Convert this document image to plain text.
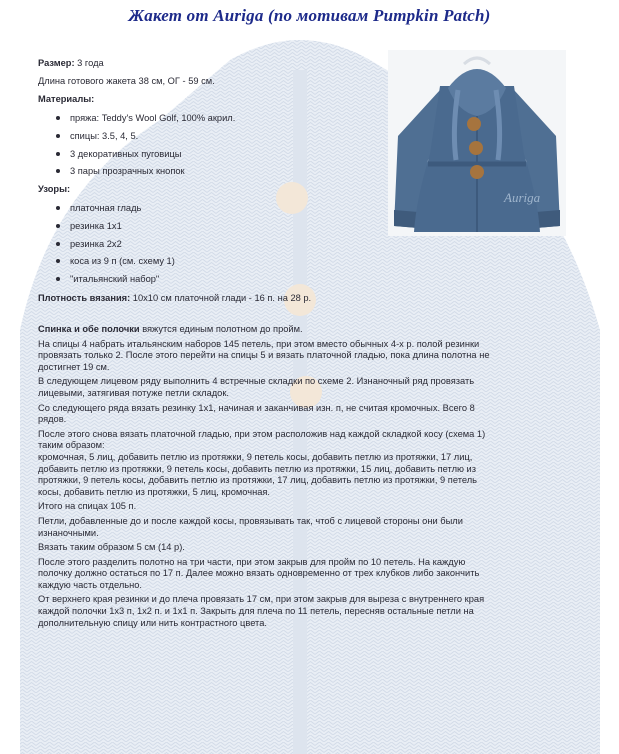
Жакет от Auriga (по мотивам Pumpkin Patch)
Auriga
Размер: 3 года
Длина готового жакета 38 см, ОГ - 59 см.
Материалы:
пряжа: Teddy's Wool Golf, 100% акрил.
спицы: 3.5, 4, 5.
3 декоративных пуговицы
3 пары прозрачных кнопок
Узоры:
платочная гладь
резинка 1х1
резинка 2х2
коса из 9 п (см. схему 1)
"итальянский набор"
Плотность вязания: 10х10 см платочной глади - 16 п. на 28 р.

Спинка и обе полочки вяжутся единым полотном до пройм.

На спицы 4 набрать итальянским наборов 145 петель, при этом вместо обычных 4-х р. полой резинки
провязать только 2. После этого перейти на спицы 5 и вязать платочной гладью, пока длина полотна не
достигнет 19 см.

В следующем лицевом ряду выполнить 4 встречные складки по схеме 2. Изнаночный ряд провязать
лицевыми, затягивая потуже петли складок.

Со следующего ряда вязать резинку 1х1, начиная и заканчивая изн. п, не считая кромочных. Всего 8
рядов.

После этого снова вязать платочной гладью, при этом расположив над каждой складкой косу (схема 1)
таким образом:
кромочная, 5 лиц, добавить петлю из протяжки, 9 петель косы, добавить петлю из протяжки, 17 лиц,
добавить петлю из протяжки, 9 петель косы, добавить петлю из протяжки, 15 лиц, добавить петлю из
протяжки, 9 петель косы, добавить петлю из протяжки, 17 лиц, добавить петлю из протяжки, 9 петель
косы, добавить петлю из протяжки, 5 лиц, кромочная.

Итого на спицах 105 п.

Петли, добавленные до и после каждой косы, провязывать так, чтоб с лицевой стороны они были
изнаночными.

Вязать таким образом 5 см (14 р).

После этого разделить полотно на три части, при этом закрыв для пройм по 10 петель. На каждую
полочку должно остаться по 17 п. Далее можно вязать одновременно от трех клубков либо закончить
каждую часть отдельно.

От верхнего края резинки и до плеча провязать 17 см, при этом закрыв для выреза с внутреннего края
каждой полочки 1х3 п, 1х2 п. и 1х1 п. Закрыть для плеча по 11 петель, пересняв остальные петли на
дополнительную спицу или нить контрастного цвета.
